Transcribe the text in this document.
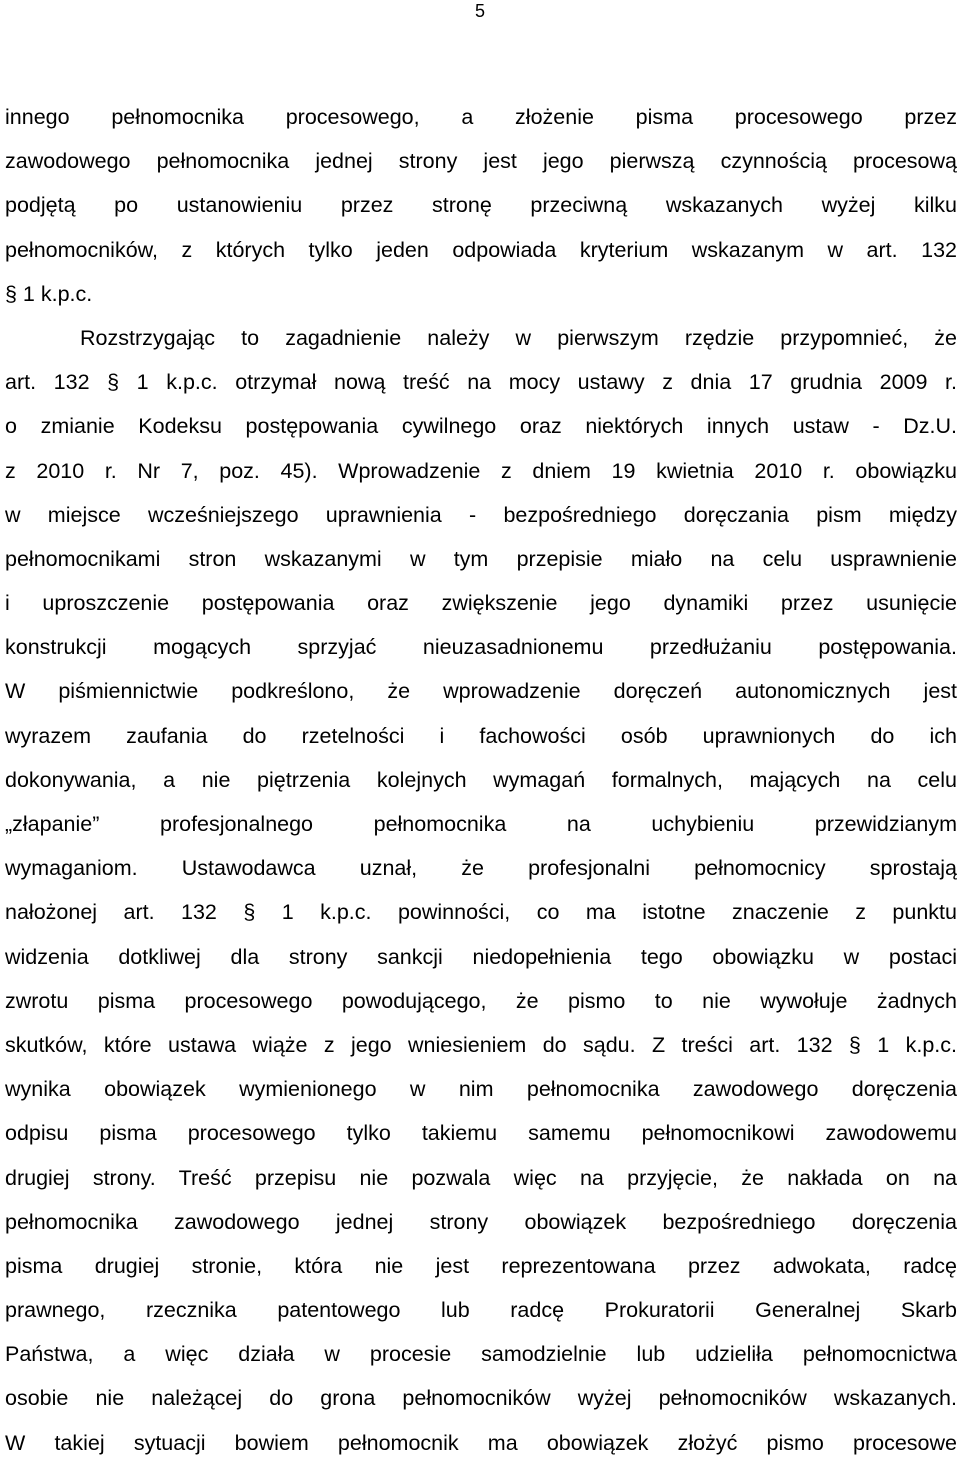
5
innego pełnomocnika procesowego, a złożenie pisma procesowego przez
zawodowego pełnomocnika jednej strony jest jego pierwszą czynnością procesową
podjętą po ustanowieniu przez stronę przeciwną wskazanych wyżej kilku
pełnomocników, z których tylko jeden odpowiada kryterium wskazanym w art. 132
§ 1 k.p.c.
Rozstrzygając to zagadnienie należy w pierwszym rzędzie przypomnieć, że
art. 132 § 1 k.p.c. otrzymał nową treść na mocy ustawy z dnia 17 grudnia 2009 r.
o zmianie Kodeksu postępowania cywilnego oraz niektórych innych ustaw - Dz.U.
z 2010 r. Nr 7, poz. 45). Wprowadzenie z dniem 19 kwietnia 2010 r. obowiązku
w miejsce wcześniejszego uprawnienia - bezpośredniego doręczania pism między
pełnomocnikami stron wskazanymi w tym przepisie miało na celu usprawnienie
i uproszczenie postępowania oraz zwiększenie jego dynamiki przez usunięcie
konstrukcji mogących sprzyjać nieuzasadnionemu przedłużaniu postępowania.
W piśmiennictwie podkreślono, że wprowadzenie doręczeń autonomicznych jest
wyrazem zaufania do rzetelności i fachowości osób uprawnionych do ich
dokonywania, a nie piętrzenia kolejnych wymagań formalnych, mających na celu
„złapanie” profesjonalnego pełnomocnika na uchybieniu przewidzianym
wymaganiom. Ustawodawca uznał, że profesjonalni pełnomocnicy sprostają
nałożonej art. 132 § 1 k.p.c. powinności, co ma istotne znaczenie z punktu
widzenia dotkliwej dla strony sankcji niedopełnienia tego obowiązku w postaci
zwrotu pisma procesowego powodującego, że pismo to nie wywołuje żadnych
skutków, które ustawa wiąże z jego wniesieniem do sądu. Z treści art. 132 § 1 k.p.c.
wynika obowiązek wymienionego w nim pełnomocnika zawodowego doręczenia
odpisu pisma procesowego tylko takiemu samemu pełnomocnikowi zawodowemu
drugiej strony. Treść przepisu nie pozwala więc na przyjęcie, że nakłada on na
pełnomocnika zawodowego jednej strony obowiązek bezpośredniego doręczenia
pisma drugiej stronie, która nie jest reprezentowana przez adwokata, radcę
prawnego, rzecznika patentowego lub radcę Prokuratorii Generalnej Skarb
Państwa, a więc działa w procesie samodzielnie lub udzieliła pełnomocnictwa
osobie nie należącej do grona pełnomocników wyżej pełnomocników wskazanych.
W takiej sytuacji bowiem pełnomocnik ma obowiązek złożyć pismo procesowe
